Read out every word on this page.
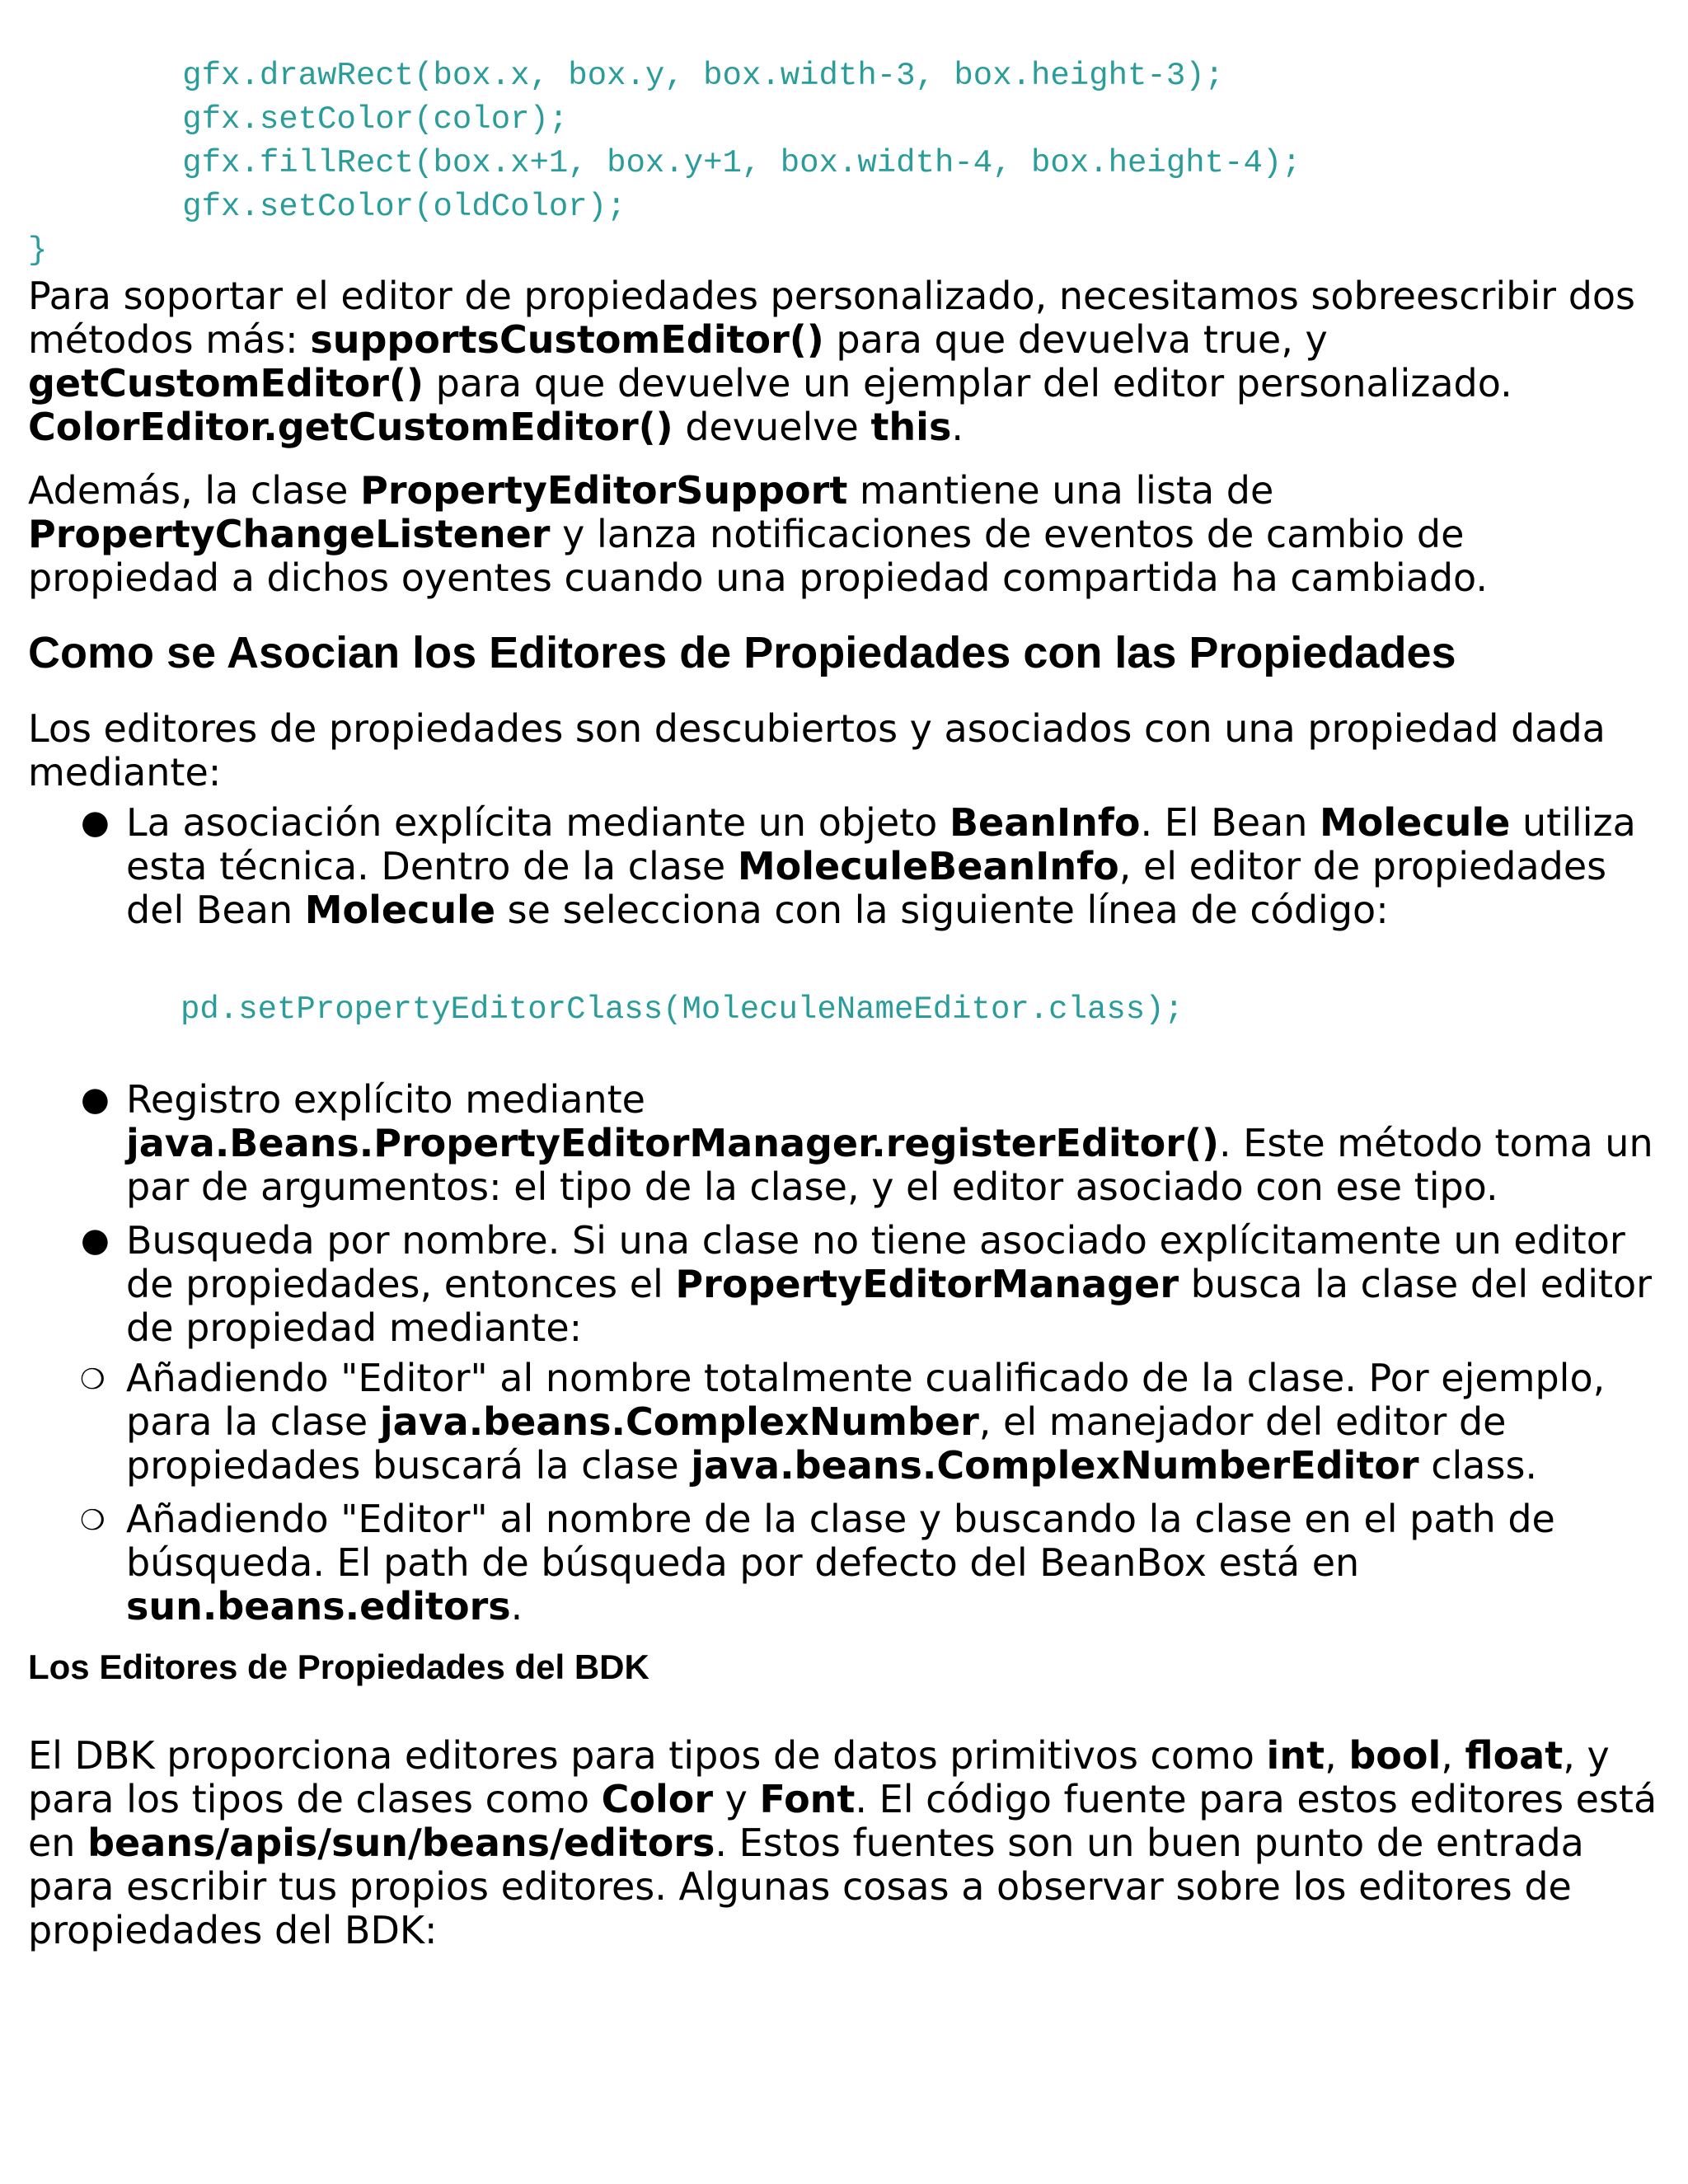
gfx.drawRect(box.x, box.y, box.width-3, box.height-3);
gfx.setColor(color);
gfx.fillRect(box.x+1, box.y+1, box.width-4, box.height-4);
gfx.setColor(oldColor);
}

Para soportar el editor de propiedades personalizado, necesitamos sobreescribir dos métodos más: supportsCustomEditor() para que devuelva true, y getCustomEditor() para que devuelve un ejemplar del editor personalizado. ColorEditor.getCustomEditor() devuelve this.

Además, la clase PropertyEditorSupport mantiene una lista de PropertyChangeListener y lanza notificaciones de eventos de cambio de propiedad a dichos oyentes cuando una propiedad compartida ha cambiado.

Como se Asocian los Editores de Propiedades con las Propiedades

Los editores de propiedades son descubiertos y asociados con una propiedad dada mediante:

● La asociación explícita mediante un objeto BeanInfo. El Bean Molecule utiliza esta técnica. Dentro de la clase MoleculeBeanInfo, el editor de propiedades del Bean Molecule se selecciona con la siguiente línea de código:
pd.setPropertyEditorClass(MoleculeNameEditor.class);
● Registro explícito mediante java.Beans.PropertyEditorManager.registerEditor(). Este método toma un par de argumentos: el tipo de la clase, y el editor asociado con ese tipo.
● Busqueda por nombre. Si una clase no tiene asociado explícitamente un editor de propiedades, entonces el PropertyEditorManager busca la clase del editor de propiedad mediante:
❍ Añadiendo "Editor" al nombre totalmente cualificado de la clase. Por ejemplo, para la clase java.beans.ComplexNumber, el manejador del editor de propiedades buscará la clase java.beans.ComplexNumberEditor class.
❍ Añadiendo "Editor" al nombre de la clase y buscando la clase en el path de búsqueda. El path de búsqueda por defecto del BeanBox está en sun.beans.editors.
Los Editores de Propiedades del BDK

El DBK proporciona editores para tipos de datos primitivos como int, bool, float, y para los tipos de clases como Color y Font. El código fuente para estos editores está en beans/apis/sun/beans/editors. Estos fuentes son un buen punto de entrada para escribir tus propios editores. Algunas cosas a observar sobre los editores de propiedades del BDK:
